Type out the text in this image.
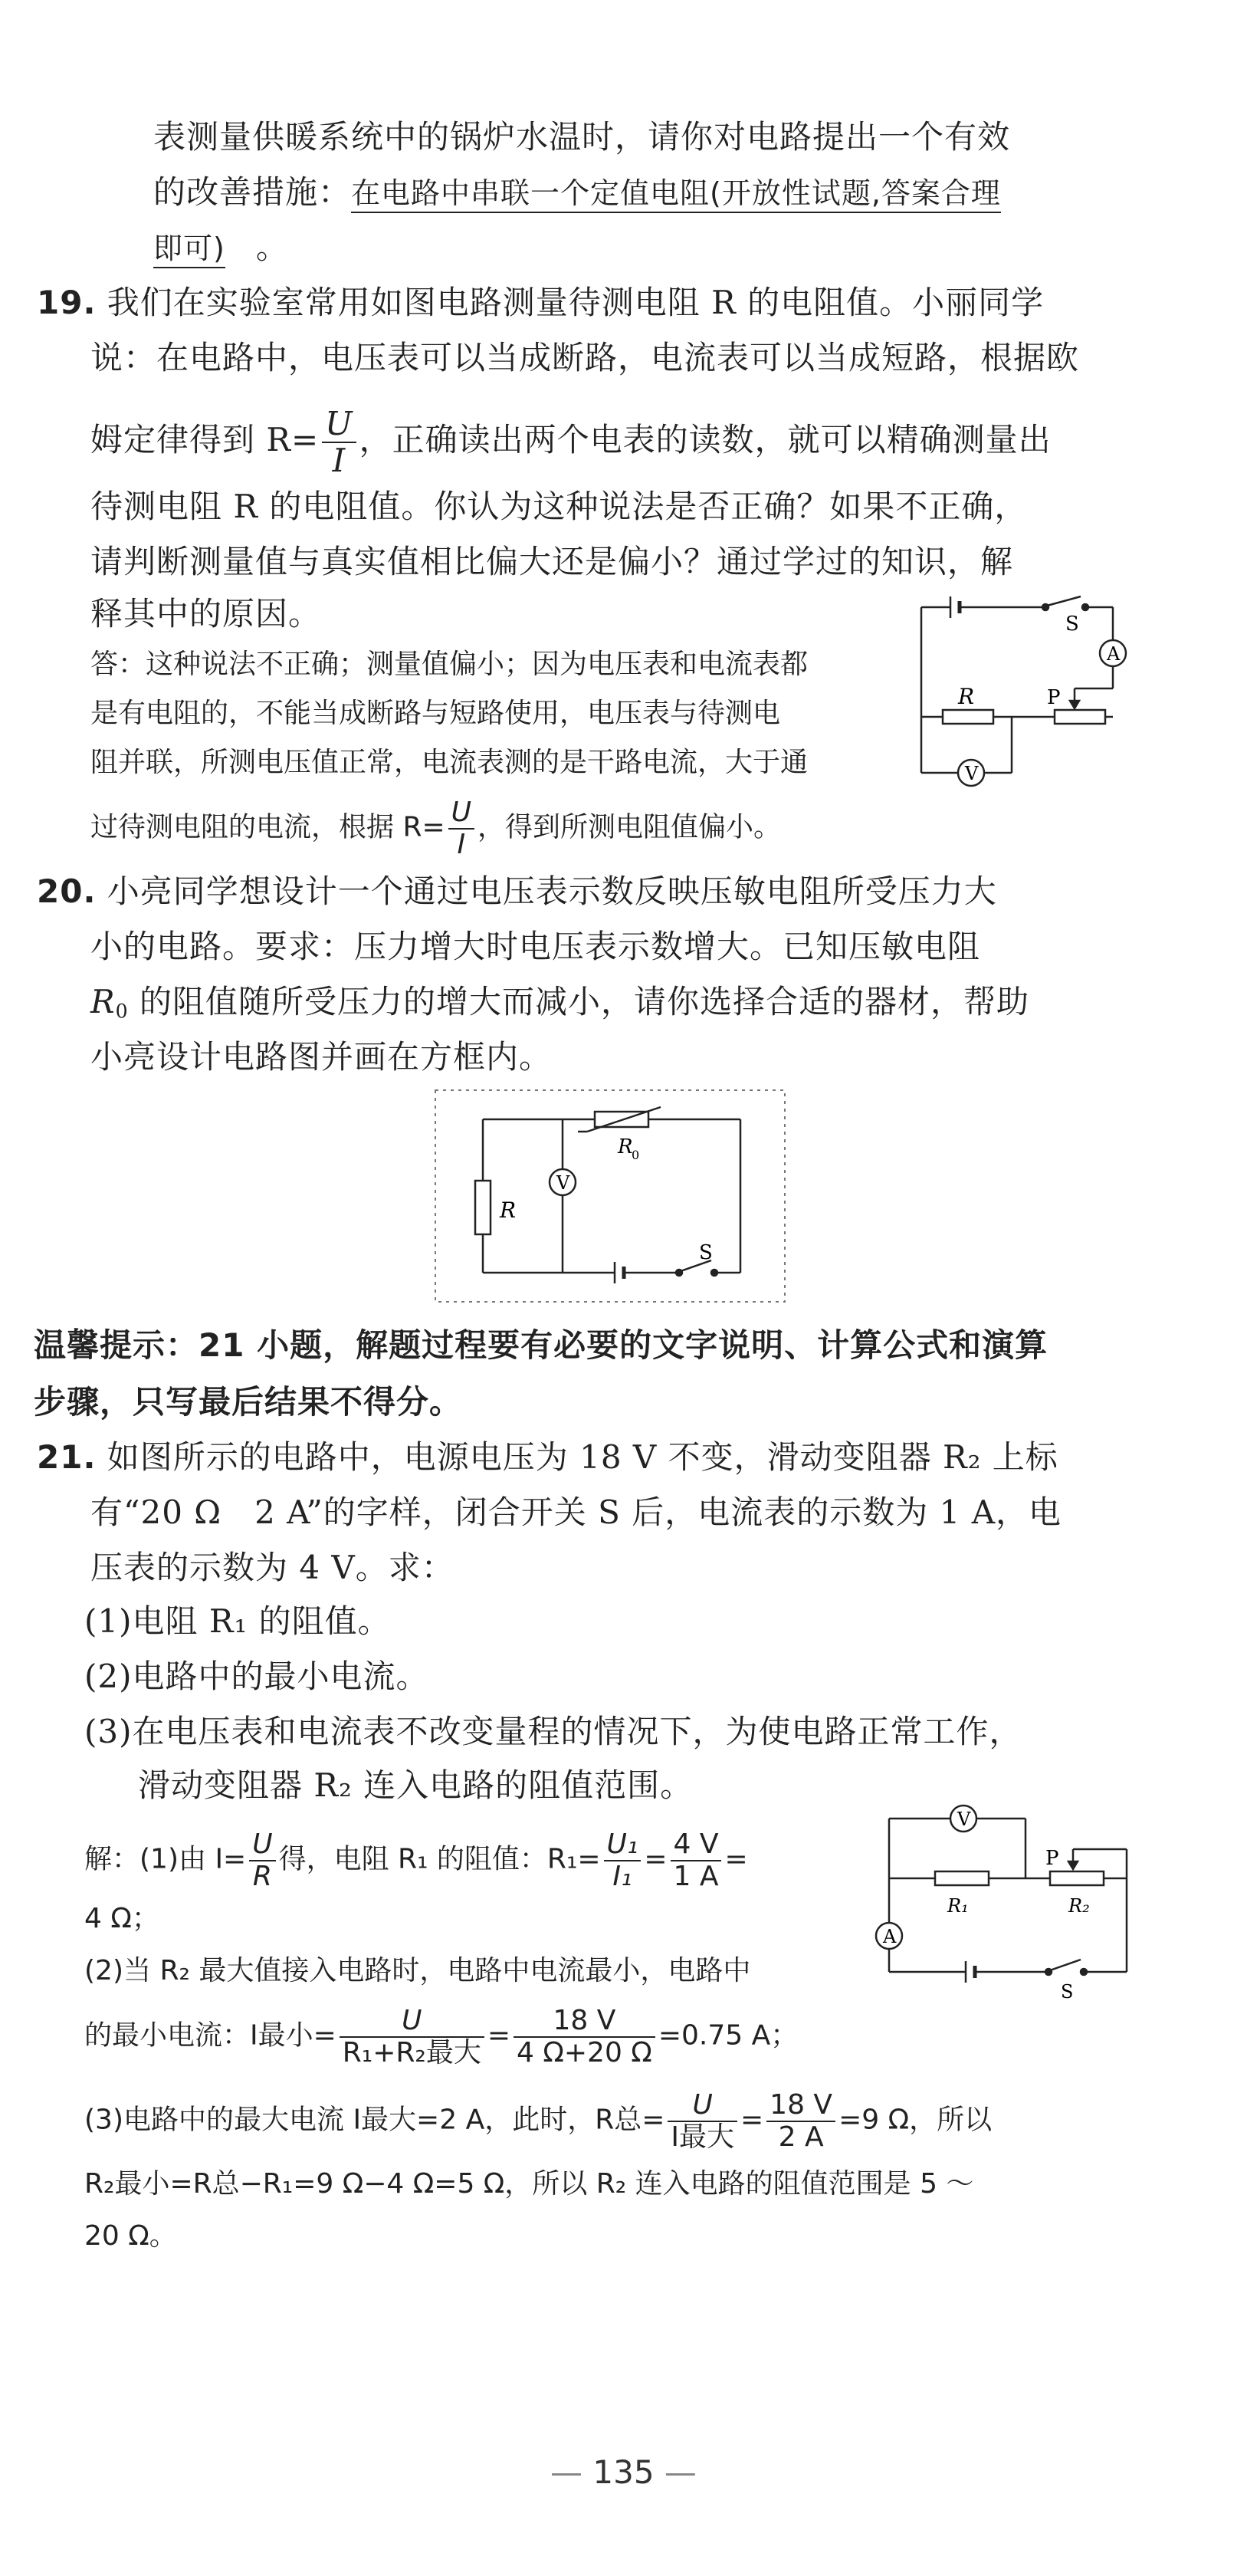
表测量供暖系统中的锅炉水温时，请你对电路提出一个有效
的改善措施：在电路中串联一个定值电阻(开放性试题,答案合理
即可) 。
19. 我们在实验室常用如图电路测量待测电阻 R 的电阻值。小丽同学
说：在电路中，电压表可以当成断路，电流表可以当成短路，根据欧
姆定律得到 $R= \frac{U}{I}$ ，正确读出两个电表的读数，就可以精确测量出
待测电阻 R 的电阻值。你认为这种说法是否正确？如果不正确，
请判断测量值与真实值相比偏大还是偏小？通过学过的知识，解
释其中的原因。
答：这种说法不正确；测量值偏小；因为电压表和电流表都
是有电阻的，不能当成断路与短路使用，电压表与待测电
阻并联，所测电压值正常，电流表测的是干路电流，大于通
过待测电阻的电流，根据 $R= \frac{U}{I}$ ，得到所测电阻值偏小。
S
A
R	P
V
20. 小亮同学想设计一个通过电压表示数反映压敏电阻所受压力大
小的电路。要求：压力增大时电压表示数增大。已知压敏电阻
$R_0$ 的阻值随所受压力的增大而减小，请你选择合适的器材，帮助
小亮设计电路图并画在方框内。
R
0
R
V
S
温馨提示：21 小题，解题过程要有必要的文字说明、计算公式和演算
步骤，只写最后结果不得分。
21. 如图所示的电路中，电源电压为 18 V 不变，滑动变阻器 R₂ 上标
有“20 Ω　2 A”的字样，闭合开关 S 后，电流表的示数为 1 A，电
压表的示数为 4 V。求：
(1)电阻 R₁ 的阻值。
(2)电路中的最小电流。
(3)在电压表和电流表不改变量程的情况下，为使电路正常工作，
滑动变阻器 R₂ 连入电路的阻值范围。
解：(1)由 $I= \frac{U}{R}$ 得，电阻 R₁ 的阻值：$R_1= \frac{\text{U₁}}{\text{I₁}} = \frac{4 V}{1 A}$ =
4 Ω；
(2)当 R₂ 最大值接入电路时，电路中电流最小，电路中
的最小电流：I最小= $\frac{U}{\text{R₁+R₂最大}} = \frac{18 V}{4 \Omega+20 \Omega} =0.75$ A；
(3)电路中的最大电流 I最大=2 A，此时，R总= $\frac{U}{\text{I最大}} = \frac{18 V}{2 A} =9$ Ω，所以
R₂最小=R总−R₁=9 Ω−4 Ω=5 Ω，所以 R₂ 连入电路的阻值范围是 5 ～
20 Ω。
V
P
R₁	R₂
A
S
— 135 —
